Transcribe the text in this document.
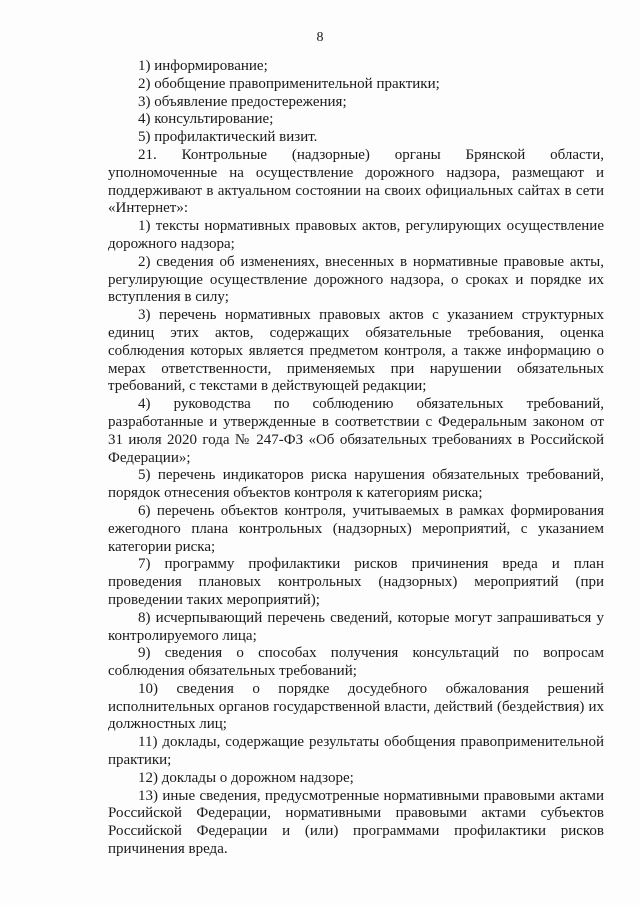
8

1) информирование;

2) обобщение правоприменительной практики;

3) объявление предостережения;

4) консультирование;

5) профилактический визит.

21. Контрольные (надзорные) органы Брянской области, уполномоченные на осуществление дорожного надзора, размещают и поддерживают в актуальном состоянии на своих официальных сайтах в сети «Интернет»:

1) тексты нормативных правовых актов, регулирующих осуществление дорожного надзора;

2) сведения об изменениях, внесенных в нормативные правовые акты, регулирующие осуществление дорожного надзора, о сроках и порядке их вступления в силу;

3) перечень нормативных правовых актов с указанием структурных единиц этих актов, содержащих обязательные требования, оценка соблюдения которых является предметом контроля, а также информацию о мерах ответственности, применяемых при нарушении обязательных требований, с текстами в действующей редакции;

4) руководства по соблюдению обязательных требований, разработанные и утвержденные в соответствии с Федеральным законом от 31 июля 2020 года № 247-ФЗ «Об обязательных требованиях в Российской Федерации»;

5) перечень индикаторов риска нарушения обязательных требований, порядок отнесения объектов контроля к категориям риска;

6) перечень объектов контроля, учитываемых в рамках формирования ежегодного плана контрольных (надзорных) мероприятий, с указанием категории риска;

7) программу профилактики рисков причинения вреда и план проведения плановых контрольных (надзорных) мероприятий (при проведении таких мероприятий);

8) исчерпывающий перечень сведений, которые могут запрашиваться у контролируемого лица;

9) сведения о способах получения консультаций по вопросам соблюдения обязательных требований;

10) сведения о порядке досудебного обжалования решений исполнительных органов государственной власти, действий (бездействия) их должностных лиц;

11) доклады, содержащие результаты обобщения правоприменительной практики;

12) доклады о дорожном надзоре;

13) иные сведения, предусмотренные нормативными правовыми актами Российской Федерации, нормативными правовыми актами субъектов Российской Федерации и (или) программами профилактики рисков причинения вреда.
